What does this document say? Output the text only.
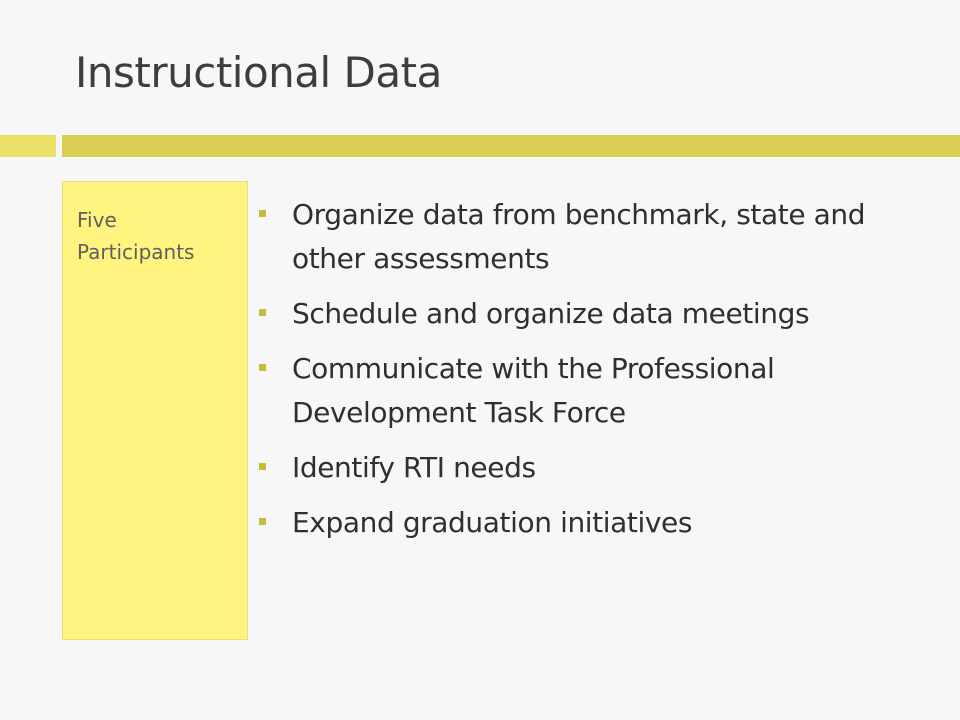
Instructional Data
Five Participants
Organize data from benchmark, state and other assessments
Schedule and organize data meetings
Communicate with the Professional Development Task Force
Identify RTI needs
Expand graduation initiatives
